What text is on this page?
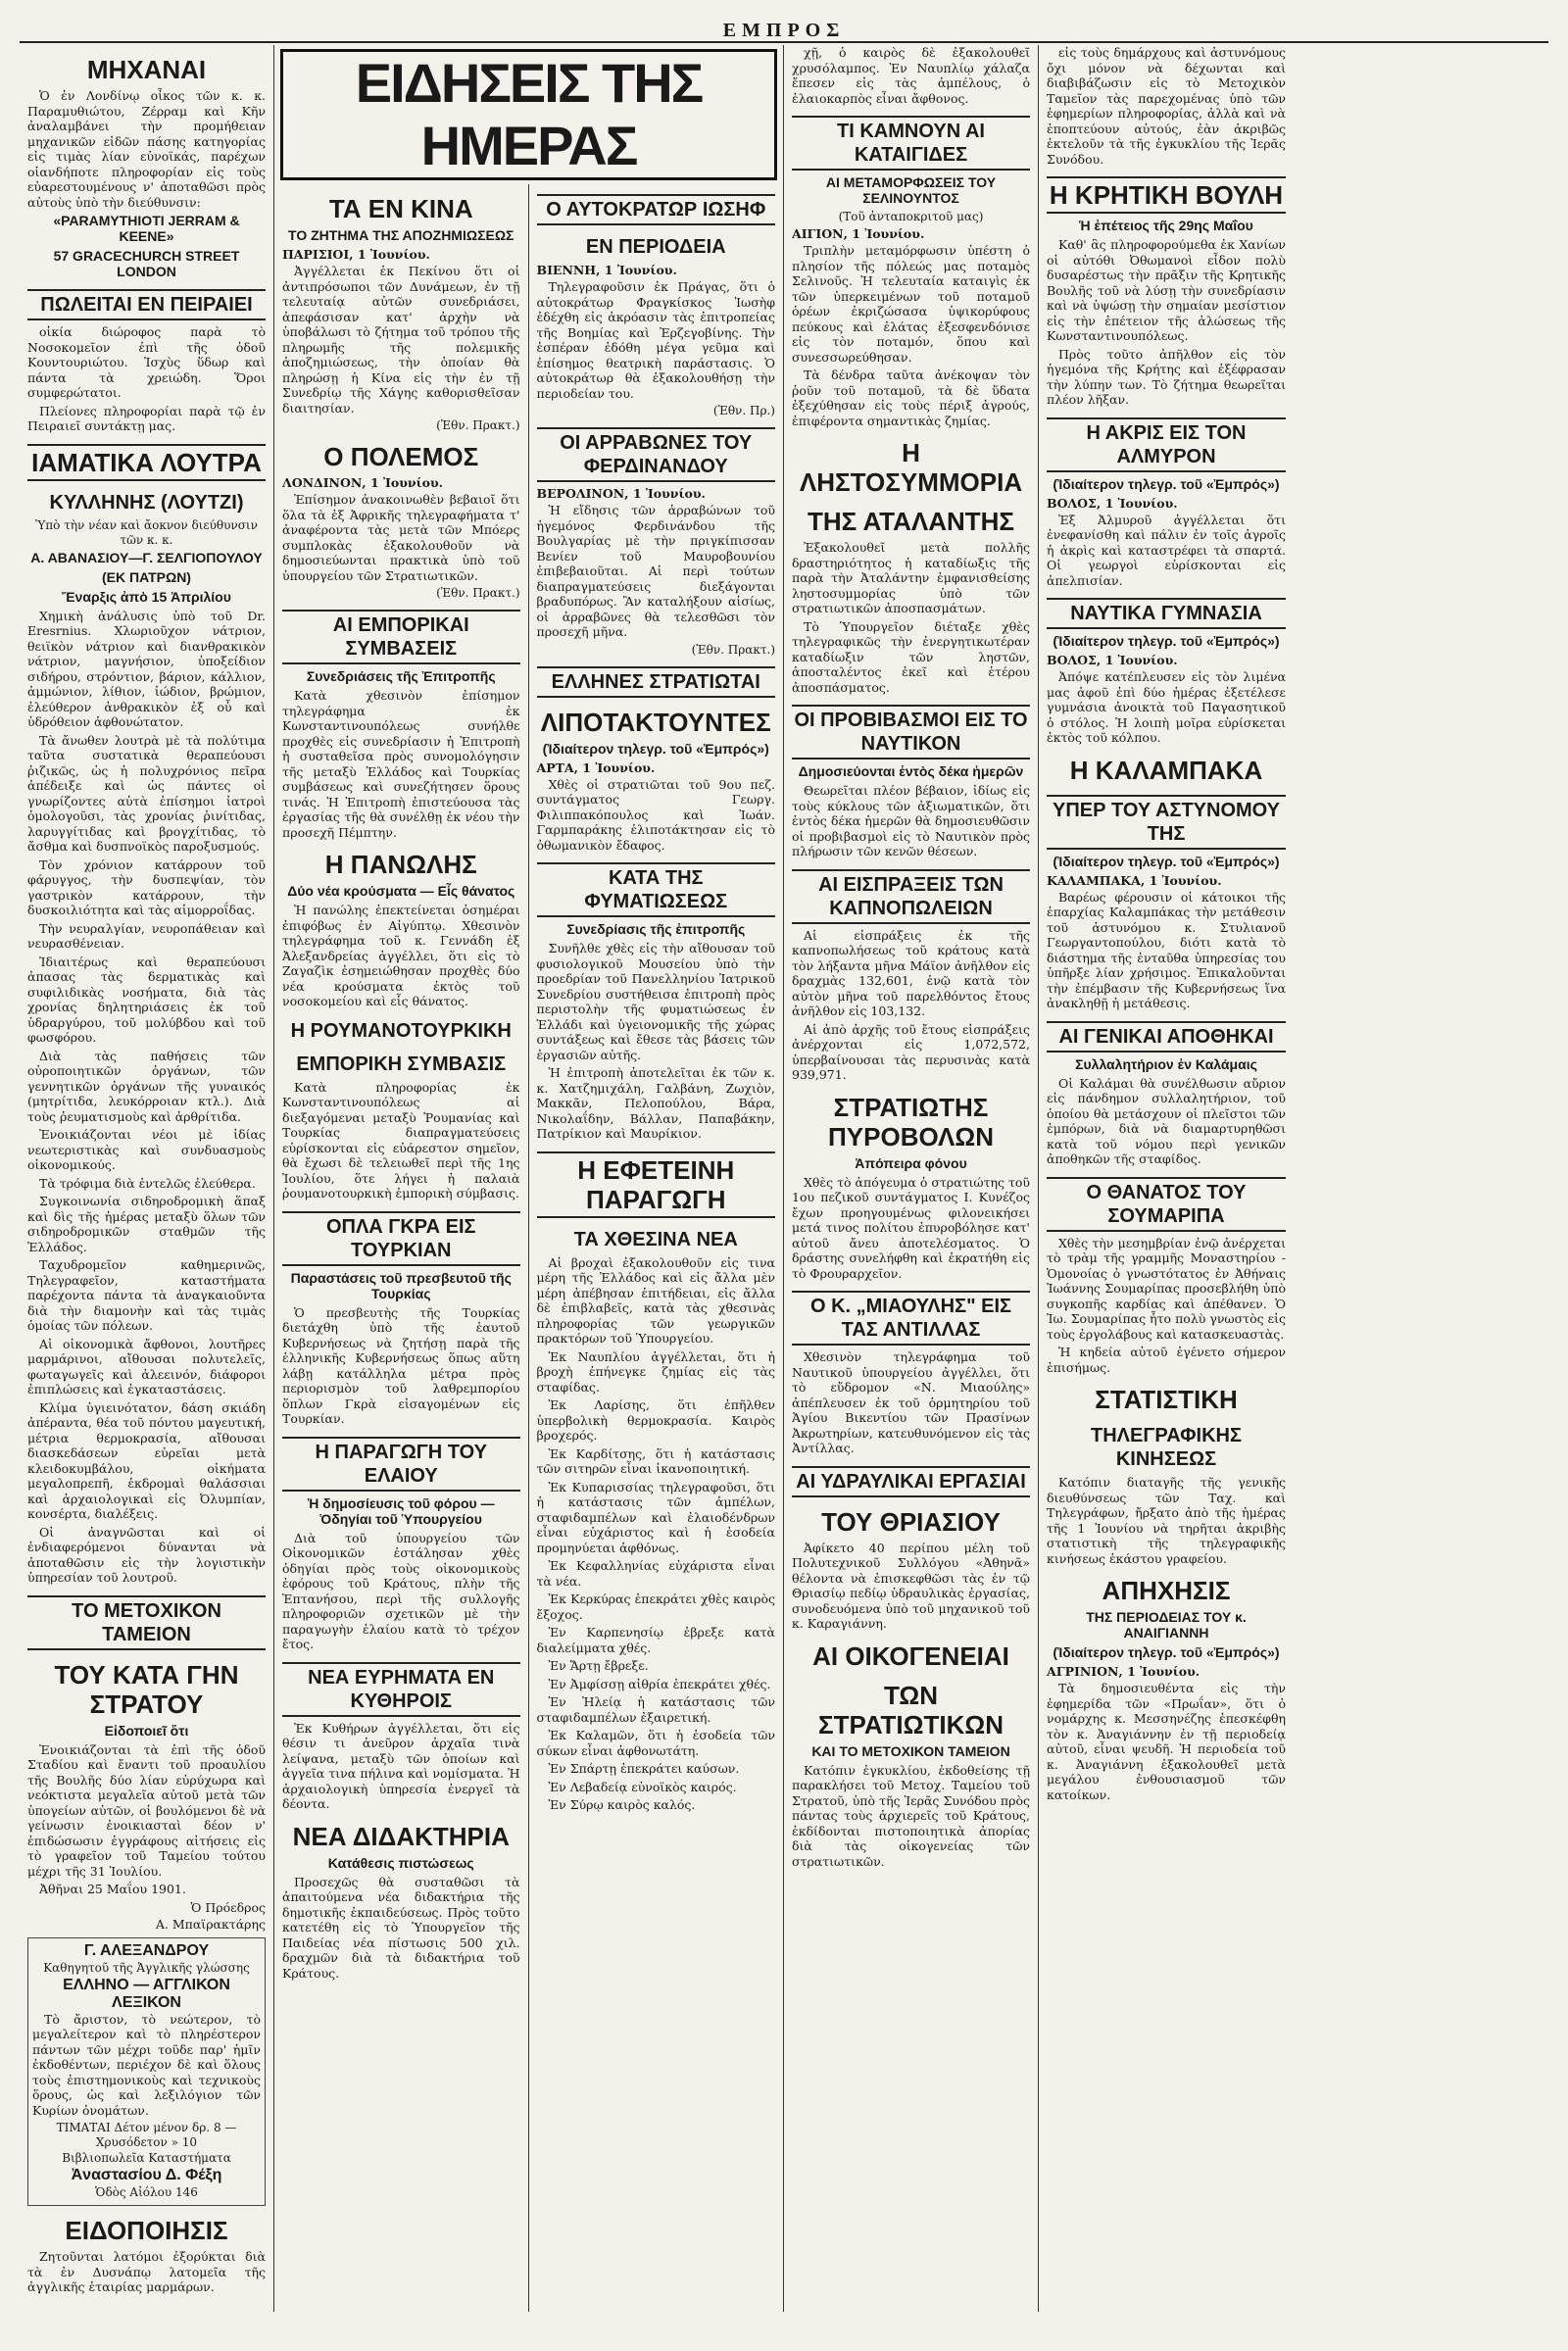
ΕΜΠΡΟΣ
ΜΗΧΑΝΑΙ

Ὁ ἐν Λονδίνῳ οἶκος τῶν κ. κ. Παραμυθιώτου, Ζέρραμ καὶ Κῆν ἀναλαμβάνει τὴν προμήθειαν μηχανικῶν εἰδῶν πάσης κατηγορίας εἰς τιμὰς λίαν εὐνοϊκάς, παρέχων οἱανδήποτε πληροφορίαν εἰς τοὺς εὐαρεστουμένους ν' ἀποταθῶσι πρὸς αὐτοὺς ὑπὸ τὴν διεύθυνσιν:

«PARAMYTHIOTI JERRAM & KEENE»
57 GRACECHURCH STREET LONDON
ΠΩΛΕΙΤΑΙ ΕΝ ΠΕΙΡΑΙΕΙ

οἰκία διώροφος παρὰ τὸ Νοσοκομεῖον ἐπὶ τῆς ὁδοῦ Κουντουριώτου. Ἰσχὺς ὕδωρ καὶ πάντα τὰ χρειώδη. Ὅροι συμφερώτατοι.

Πλείονες πληροφορίαι παρὰ τῷ ἐν Πειραιεῖ συντάκτῃ μας.

ΙΑΜΑΤΙΚΑ ΛΟΥΤΡΑ
ΚΥΛΛΗΝΗΣ (ΛΟΥΤΖΙ)
Ὑπὸ τὴν νέαν καὶ ἄοκνον διεύθυνσιν τῶν κ. κ.
Α. ΑΒΑΝΑΣΙΟΥ—Γ. ΣΕΛΓΙΟΠΟΥΛΟΥ
(ΕΚ ΠΑΤΡΩΝ)
Ἔναρξις ἀπὸ 15 Ἀπριλίου

Χημικὴ ἀνάλυσις ὑπὸ τοῦ Dr. Eresrnius. Χλωριοῦχον νάτριον, θειϊκὸν νάτριον καὶ διανθρακικὸν νάτριον, μαγνήσιον, ὑποξείδιον σιδήρου, στρόντιον, βάριον, κάλλιον, ἀμμώνιον, λίθιον, ἰώδιον, βρώμιον, ἐλεύθερον ἀνθρακικὸν ἐξ οὗ καὶ ὑδρόθειον ἀφθονώτατον.

Τὰ ἄνωθεν λουτρὰ μὲ τὰ πολύτιμα ταῦτα συστατικὰ θεραπεύουσι ῥιζικῶς, ὡς ἡ πολυχρόνιος πεῖρα ἀπέδειξε καὶ ὡς πάντες οἱ γνωρίζοντες αὐτὰ ἐπίσημοι ἰατροὶ ὁμολογοῦσι, τὰς χρονίας ῥινίτιδας, λαρυγγίτιδας καὶ βρογχίτιδας, τὸ ἄσθμα καὶ δυσπνοϊκὸς παροξυσμούς.

Τὸν χρόνιον κατάρρουν τοῦ φάρυγγος, τὴν δυσπεψίαν, τὸν γαστρικὸν κατάρρουν, τὴν δυσκοιλιότητα καὶ τὰς αἱμορροΐδας.

Τὴν νευραλγίαν, νευροπάθειαν καὶ νευρασθένειαν.

Ἰδιαιτέρως καὶ θεραπεύουσι ἀπασας τὰς δερματικὰς καὶ συφιλιδικὰς νοσήματα, διὰ τὰς χρονίας δηλητηριάσεις ἐκ τοῦ ὑδραργύρου, τοῦ μολύβδου καὶ τοῦ φωσφόρου.

Διὰ τὰς παθήσεις τῶν οὐροποιητικῶν ὀργάνων, τῶν γεννητικῶν ὀργάνων τῆς γυναικός (μητρίτιδα, λευκόρροιαν κτλ.). Διὰ τοὺς ῥευματισμοὺς καὶ ἀρθρίτιδα.

Ἐνοικιάζονται νέοι μὲ ἰδίας νεωτεριστικὰς καὶ συνδυασμοὺς οἰκονομικούς.

Τὰ τρόφιμα διὰ ἐντελῶς ἐλεύθερα.

Συγκοινωνία σιδηροδρομικὴ ἅπαξ καὶ δὶς τῆς ἡμέρας μεταξὺ ὅλων τῶν σιδηροδρομικῶν σταθμῶν τῆς Ἑλλάδος.

Ταχυδρομεῖον καθημερινῶς, Τηλεγραφεῖον, καταστήματα παρέχοντα πάντα τὰ ἀναγκαιοῦντα διὰ τὴν διαμονὴν καὶ τὰς τιμὰς ὁμοίας τῶν πόλεων.

Αἱ οἰκονομικὰ ἄφθονοι, λουτῆρες μαρμάρινοι, αἴθουσαι πολυτελεῖς, φωταγωγεῖς καὶ ἀλεεινόν, διάφοροι ἐπιπλώσεις καὶ ἐγκαταστάσεις.

Κλίμα ὑγιεινότατον, δάση σκιάδη ἀπέραντα, θέα τοῦ πόντου μαγευτική, μέτρια θερμοκρασία, αἴθουσαι διασκεδάσεων εὐρεῖαι μετὰ κλειδοκυμβάλου, οἰκήματα μεγαλοπρεπῆ, ἐκδρομαὶ θαλάσσιαι καὶ ἀρχαιολογικαὶ εἰς Ὀλυμπίαν, κονσέρτα, διαλέξεις.

Οἱ ἀναγνῶσται καὶ οἱ ἐνδιαφερόμενοι δύνανται νὰ ἀποταθῶσιν εἰς τὴν λογιστικὴν ὑπηρεσίαν τοῦ λουτροῦ.

ΤΟ ΜΕΤΟΧΙΚΟΝ ΤΑΜΕΙΟΝ
ΤΟΥ ΚΑΤΑ ΓΗΝ ΣΤΡΑΤΟΥ
Εἰδοποιεῖ ὅτι

Ἐνοικιάζονται τὰ ἐπὶ τῆς ὁδοῦ Σταδίου καὶ ἔναντι τοῦ προαυλίου τῆς Βουλῆς δύο λίαν εὐρύχωρα καὶ νεόκτιστα μεγαλεῖα αὐτοῦ μετὰ τῶν ὑπογείων αὐτῶν, οἱ βουλόμενοι δὲ νὰ γείνωσιν ἐνοικιασταὶ δέον ν' ἐπιδώσωσιν ἐγγράφους αἰτήσεις εἰς τὸ γραφεῖον τοῦ Ταμείου τούτου μέχρι τῆς 31 Ἰουλίου.

Ἀθῆναι 25 Μαΐου 1901.

Ὁ Πρόεδρος
Α. Μπαϊρακτάρης
Γ. ΑΛΕΞΑΝΔΡΟΥ
Καθηγητοῦ τῆς Ἀγγλικῆς γλώσσης
ΕΛΛΗΝΟ — ΑΓΓΛΙΚΟΝ
ΛΕΞΙΚΟΝ

Τὸ ἄριστον, τὸ νεώτερον, τὸ μεγαλείτερον καὶ τὸ πληρέστερον πάντων τῶν μέχρι τοῦδε παρ' ἡμῖν ἐκδοθέντων, περιέχον δὲ καὶ ὅλους τοὺς ἐπιστημονικοὺς καὶ τεχνικοὺς ὅρους, ὡς καὶ λεξιλόγιον τῶν Κυρίων ὀνομάτων.

ΤΙΜΑΤΑΙ Δέτον μένον δρ. 8 — Χρυσόδετον » 10
Βιβλιοπωλεῖα Καταστήματα
Ἀναστασίου Δ. Φέξη
Ὁδὸς Αἰόλου 146
ΕΙΔΟΠΟΙΗΣΙΣ

Ζητοῦνται λατόμοι ἐξορύκται διὰ τὰ ἐν Δυσνάπῳ λατομεῖα τῆς ἀγγλικῆς ἑταιρίας μαρμάρων.

ΕΙΔΗΣΕΙΣ ΤΗΣ ΗΜΕΡΑΣ
ΤΑ ΕΝ ΚΙΝΑ
ΤΟ ΖΗΤΗΜΑ ΤΗΣ ΑΠΟΖΗΜΙΩΣΕΩΣ
ΠΑΡΙΣΙΟΙ, 1 Ἰουνίου.

Ἀγγέλλεται ἐκ Πεκίνου ὅτι οἱ ἀντιπρόσωποι τῶν Δυνάμεων, ἐν τῇ τελευταίᾳ αὐτῶν συνεδριάσει, ἀπεφάσισαν κατ' ἀρχὴν νὰ ὑποβάλωσι τὸ ζήτημα τοῦ τρόπου τῆς πληρωμῆς τῆς πολεμικῆς ἀποζημιώσεως, τὴν ὁποίαν θὰ πληρώσῃ ἡ Κίνα εἰς τὴν ἐν τῇ Συνεδρίῳ τῆς Χάγης καθορισθεῖσαν διαιτησίαν.

(Ἐθν. Πρακτ.)
Ο ΠΟΛΕΜΟΣ
ΛΟΝΔΙΝΟΝ, 1 Ἰουνίου.

Ἐπίσημον ἀνακοινωθὲν βεβαιοῖ ὅτι ὅλα τὰ ἐξ Ἀφρικῆς τηλεγραφήματα τ' ἀναφέροντα τὰς μετὰ τῶν Μπόερς συμπλοκὰς ἐξακολουθοῦν νὰ δημοσιεύωνται πρακτικὰ ὑπὸ τοῦ ὑπουργείου τῶν Στρατιωτικῶν.

(Ἐθν. Πρακτ.)
ΑΙ ΕΜΠΟΡΙΚΑΙ ΣΥΜΒΑΣΕΙΣ
Συνεδριάσεις τῆς Ἐπιτροπῆς

Κατὰ χθεσινὸν ἐπίσημον τηλεγράφημα ἐκ Κωνσταντινουπόλεως συνήλθε προχθὲς εἰς συνεδρίασιν ἡ Ἐπιτροπὴ ἡ συσταθεῖσα πρὸς συνομολόγησιν τῆς μεταξὺ Ἑλλάδος καὶ Τουρκίας συμβάσεως καὶ συνεζήτησεν ὅρους τινάς. Ἡ Ἐπιτροπὴ ἐπιστεύουσα τὰς ἐργασίας τῆς θὰ συνέλθῃ ἐκ νέου τὴν προσεχῆ Πέμπτην.

Η ΠΑΝΩΛΗΣ
Δύο νέα κρούσματα — Εἷς θάνατος

Ἡ πανώλης ἐπεκτείνεται ὁσημέραι ἐπιφόβως ἐν Αἰγύπτῳ. Χθεσινὸν τηλεγράφημα τοῦ κ. Γεννάδη ἐξ Ἀλεξανδρείας ἀγγέλλει, ὅτι εἰς τὸ Ζαγαζὶκ ἐσημειώθησαν προχθὲς δύο νέα κρούσματα ἐκτὸς τοῦ νοσοκομείου καὶ εἷς θάνατος.

Η ΡΟΥΜΑΝΟΤΟΥΡΚΙΚΗ
ΕΜΠΟΡΙΚΗ ΣΥΜΒΑΣΙΣ

Κατὰ πληροφορίας ἐκ Κωνσταντινουπόλεως αἱ διεξαγόμεναι μεταξὺ Ῥουμανίας καὶ Τουρκίας διαπραγματεύσεις εὑρίσκονται εἰς εὐάρεστον σημεῖον, θὰ ἔχωσι δὲ τελειωθεῖ περὶ τῆς 1ης Ἰουλίου, ὅτε λήγει ἡ παλαιὰ ῥουμανοτουρκικὴ ἐμπορικὴ σύμβασις.

ΟΠΛΑ ΓΚΡΑ ΕΙΣ ΤΟΥΡΚΙΑΝ
Παραστάσεις τοῦ πρεσβευτοῦ τῆς Τουρκίας

Ὁ πρεσβευτὴς τῆς Τουρκίας διετάχθη ὑπὸ τῆς ἑαυτοῦ Κυβερνήσεως νὰ ζητήσῃ παρὰ τῆς ἑλληνικῆς Κυβερνήσεως ὅπως αὕτη λάβῃ κατάλληλα μέτρα πρὸς περιορισμὸν τοῦ λαθρεμπορίου ὅπλων Γκρὰ εἰσαγομένων εἰς Τουρκίαν.

Η ΠΑΡΑΓΩΓΗ ΤΟΥ ΕΛΑΙΟΥ
Ἡ δημοσίευσις τοῦ φόρου — Ὁδηγίαι τοῦ Ὑπουργείου

Διὰ τοῦ ὑπουργείου τῶν Οἰκονομικῶν ἐστάλησαν χθὲς ὁδηγίαι πρὸς τοὺς οἰκονομικοὺς ἐφόρους τοῦ Κράτους, πλὴν τῆς Ἑπτανήσου, περὶ τῆς συλλογῆς πληροφοριῶν σχετικῶν μὲ τὴν παραγωγὴν ἐλαίου κατὰ τὸ τρέχον ἔτος.

ΝΕΑ ΕΥΡΗΜΑΤΑ ΕΝ ΚΥΘΗΡΟΙΣ

Ἐκ Κυθήρων ἀγγέλλεται, ὅτι εἰς θέσιν τι ἀνεῦρον ἀρχαῖα τινὰ λείψανα, μεταξὺ τῶν ὁποίων καὶ ἀγγεῖα τινα πήλινα καὶ νομίσματα. Ἡ ἀρχαιολογικὴ ὑπηρεσία ἐνεργεῖ τὰ δέοντα.

ΝΕΑ ΔΙΔΑΚΤΗΡΙΑ
Κατάθεσις πιστώσεως

Προσεχῶς θὰ συσταθῶσι τὰ ἀπαιτούμενα νέα διδακτήρια τῆς δημοτικῆς ἐκπαιδεύσεως. Πρὸς τοῦτο κατετέθη εἰς τὸ Ὑπουργεῖον τῆς Παιδείας νέα πίστωσις 500 χιλ. δραχμῶν διὰ τὰ διδακτήρια τοῦ Κράτους.

Ο ΑΥΤΟΚΡΑΤΩΡ ΙΩΣΗΦ
ΕΝ ΠΕΡΙΟΔΕΙΑ
ΒΙΕΝΝΗ, 1 Ἰουνίου.

Τηλεγραφοῦσιν ἐκ Πράγας, ὅτι ὁ αὐτοκράτωρ Φραγκίσκος Ἰωσὴφ ἐδέχθη εἰς ἀκρόασιν τὰς ἐπιτροπείας τῆς Βοημίας καὶ Ἐρζεγοβίνης. Τὴν ἑσπέραν ἐδόθη μέγα γεῦμα καὶ ἐπίσημος θεατρικὴ παράστασις. Ὁ αὐτοκράτωρ θὰ ἐξακολουθήσῃ τὴν περιοδείαν του.

(Ἐθν. Πρ.)
ΟΙ ΑΡΡΑΒΩΝΕΣ ΤΟΥ ΦΕΡΔΙΝΑΝΔΟΥ
ΒΕΡΟΛΙΝΟΝ, 1 Ἰουνίου.

Ἡ εἴδησις τῶν ἀρραβώνων τοῦ ἡγεμόνος Φερδινάνδου τῆς Βουλγαρίας μὲ τὴν πριγκίπισσαν Βενίεν τοῦ Μαυροβουνίου ἐπιβεβαιοῦται. Αἱ περὶ τούτων διαπραγματεύσεις διεξάγονται βραδυπόρως. Ἂν καταλήξουν αἰσίως, οἱ ἀρραβῶνες θὰ τελεσθῶσι τὸν προσεχῆ μῆνα.

(Ἐθν. Πρακτ.)
ΕΛΛΗΝΕΣ ΣΤΡΑΤΙΩΤΑΙ
ΛΙΠΟΤΑΚΤΟΥΝΤΕΣ
(Ἰδιαίτερον τηλεγρ. τοῦ «Ἐμπρός»)
ΑΡΤΑ, 1 Ἰουνίου.

Χθὲς οἱ στρατιῶται τοῦ 9ου πεζ. συντάγματος Γεωργ. Φιλιππακόπουλος καὶ Ἰωάν. Γαρμπαράκης ἐλιποτάκτησαν εἰς τὸ ὀθωμανικὸν ἔδαφος.

ΚΑΤΑ ΤΗΣ ΦΥΜΑΤΙΩΣΕΩΣ
Συνεδρίασις τῆς ἐπιτροπῆς

Συνῆλθε χθὲς εἰς τὴν αἴθουσαν τοῦ φυσιολογικοῦ Μουσείου ὑπὸ τὴν προεδρίαν τοῦ Πανελληνίου Ἰατρικοῦ Συνεδρίου συστήθεισα ἐπιτροπὴ πρὸς περιστολὴν τῆς φυματιώσεως ἐν Ἑλλάδι καὶ ὑγειονομικῆς τῆς χώρας συντάξεως καὶ ἔθεσε τὰς βάσεις τῶν ἐργασιῶν αὐτῆς.

Ἡ ἐπιτροπὴ ἀποτελεῖται ἐκ τῶν κ. κ. Χατζημιχάλη, Γαλβάνη, Ζωχιὸν, Μακκᾶν, Πελοπούλου, Βάρα, Νικολαΐδην, Βάλλαν, Παπαβάκην, Πατρίκιον καὶ Μαυρίκιον.

Η ΕΦΕΤΕΙΝΗ ΠΑΡΑΓΩΓΗ
ΤΑ ΧΘΕΣΙΝΑ ΝΕΑ

Αἱ βροχαὶ ἐξακολουθοῦν εἰς τινα μέρη τῆς Ἑλλάδος καὶ εἰς ἄλλα μὲν μέρη ἀπέβησαν ἐπιτήδειαι, εἰς ἄλλα δὲ ἐπιβλαβεῖς, κατὰ τὰς χθεσινὰς πληροφορίας τῶν γεωργικῶν πρακτόρων τοῦ Ὑπουργείου.

Ἐκ Ναυπλίου ἀγγέλλεται, ὅτι ἡ βροχὴ ἐπήνεγκε ζημίας εἰς τὰς σταφίδας.

Ἐκ Λαρίσης, ὅτι ἐπῆλθεν ὑπερβολικὴ θερμοκρασία. Καιρὸς βροχερός.

Ἐκ Καρδίτσης, ὅτι ἡ κατάστασις τῶν σιτηρῶν εἶναι ἱκανοποιητική.

Ἐκ Κυπαρισσίας τηλεγραφοῦσι, ὅτι ἡ κατάστασις τῶν ἀμπέλων, σταφιδαμπέλων καὶ ἐλαιοδένδρων εἶναι εὐχάριστος καὶ ἡ ἐσοδεία προμηνύεται ἀφθόνως.

Ἐκ Κεφαλληνίας εὐχάριστα εἶναι τὰ νέα.

Ἐκ Κερκύρας ἐπεκράτει χθὲς καιρὸς ἔξοχος.

Ἐν Καρπενησίῳ ἐβρεξε κατὰ διαλείμματα χθές.

Ἐν Ἄρτῃ ἔβρεξε.

Ἐν Ἀμφίσσῃ αἰθρία ἐπεκράτει χθές.

Ἐν Ἠλείᾳ ἡ κατάστασις τῶν σταφιδαμπέλων ἐξαιρετική.

Ἐκ Καλαμῶν, ὅτι ἡ ἐσοδεία τῶν σύκων εἶναι ἀφθονωτάτη.

Ἐν Σπάρτῃ ἐπεκράτει καύσων.

Ἐν Λεβαδείᾳ εὐνοϊκὸς καιρός.

Ἐν Σύρῳ καιρὸς καλός.

χῇ, ὁ καιρὸς δὲ ἐξακολουθεῖ χρυσόλαμπος. Ἐν Ναυπλίῳ χάλαζα ἔπεσεν εἰς τὰς ἀμπέλους, ὁ ἐλαιοκαρπὸς εἶναι ἄφθονος.

ΤΙ ΚΑΜΝΟΥΝ ΑΙ ΚΑΤΑΙΓΙΔΕΣ
ΑΙ ΜΕΤΑΜΟΡΦΩΣΕΙΣ ΤΟΥ ΣΕΛΙΝΟΥΝΤΟΣ
(Τοῦ ἀνταποκριτοῦ μας)
ΑΙΓΙΟΝ, 1 Ἰουνίου.

Τριπλὴν μεταμόρφωσιν ὑπέστη ὁ πλησίον τῆς πόλεώς μας ποταμὸς Σελινοῦς. Ἡ τελευταία καταιγὶς ἐκ τῶν ὑπερκειμένων τοῦ ποταμοῦ ὀρέων ἐκριζώσασα ὑψικορύφους πεύκους καὶ ἐλάτας ἐξεσφενδόνισε εἰς τὸν ποταμόν, ὅπου καὶ συνεσσωρεύθησαν.

Τὰ δένδρα ταῦτα ἀνέκοψαν τὸν ῥοῦν τοῦ ποταμοῦ, τὰ δὲ ὕδατα ἐξεχύθησαν εἰς τοὺς πέριξ ἀγρούς, ἐπιφέροντα σημαντικὰς ζημίας.

Η ΛΗΣΤΟΣΥΜΜΟΡΙΑ
ΤΗΣ ΑΤΑΛΑΝΤΗΣ

Ἐξακολουθεῖ μετὰ πολλῆς δραστηριότητος ἡ καταδίωξις τῆς παρὰ τὴν Ἀταλάντην ἐμφανισθείσης ληστοσυμμορίας ὑπὸ τῶν στρατιωτικῶν ἀποσπασμάτων.

Τὸ Ὑπουργεῖον διέταξε χθὲς τηλεγραφικῶς τὴν ἐνεργητικωτέραν καταδίωξιν τῶν ληστῶν, ἀποσταλέντος ἐκεῖ καὶ ἑτέρου ἀποσπάσματος.

ΟΙ ΠΡΟΒΙΒΑΣΜΟΙ ΕΙΣ ΤΟ ΝΑΥΤΙΚΟΝ
Δημοσιεύονται ἐντὸς δέκα ἡμερῶν

Θεωρεῖται πλέον βέβαιον, ἰδίως εἰς τοὺς κύκλους τῶν ἀξιωματικῶν, ὅτι ἐντὸς δέκα ἡμερῶν θὰ δημοσιευθῶσιν οἱ προβιβασμοὶ εἰς τὸ Ναυτικὸν πρὸς πλήρωσιν τῶν κενῶν θέσεων.

ΑΙ ΕΙΣΠΡΑΞΕΙΣ ΤΩΝ ΚΑΠΝΟΠΩΛΕΙΩΝ

Αἱ εἰσπράξεις ἐκ τῆς καπνοπωλήσεως τοῦ κράτους κατὰ τὸν λήξαντα μῆνα Μάϊον ἀνῆλθον εἰς δραχμὰς 132,601, ἐνῷ κατὰ τὸν αὐτὸν μῆνα τοῦ παρελθόντος ἔτους ἀνῆλθον εἰς 103,132.

Αἱ ἀπὸ ἀρχῆς τοῦ ἔτους εἰσπράξεις ἀνέρχονται εἰς 1,072,572, ὑπερβαίνουσαι τὰς περυσινὰς κατὰ 939,971.

ΣΤΡΑΤΙΩΤΗΣ ΠΥΡΟΒΟΛΩΝ
Ἀπόπειρα φόνου

Χθὲς τὸ ἀπόγευμα ὁ στρατιώτης τοῦ 1ου πεζικοῦ συντάγματος Ι. Κυνέζος ἔχων προηγουμένως φιλονεικήσει μετά τινος πολίτου ἐπυροβόλησε κατ' αὐτοῦ ἄνευ ἀποτελέσματος. Ὁ δράστης συνελήφθη καὶ ἐκρατήθη εἰς τὸ Φρουραρχεῖον.

Ο Κ. „ΜΙΑΟΥΛΗΣ" ΕΙΣ ΤΑΣ ΑΝΤΙΛΛΑΣ

Χθεσινὸν τηλεγράφημα τοῦ Ναυτικοῦ ὑπουργείου ἀγγέλλει, ὅτι τὸ εὔδρομον «Ν. Μιαούλης» ἀπέπλευσεν ἐκ τοῦ ὁρμητηρίου τοῦ Ἁγίου Βικεντίου τῶν Πρασίνων Ἀκρωτηρίων, κατευθυνόμενον εἰς τὰς Ἀντίλλας.

ΑΙ ΥΔΡΑΥΛΙΚΑΙ ΕΡΓΑΣΙΑΙ
ΤΟΥ ΘΡΙΑΣΙΟΥ

Ἀφίκετο 40 περίπου μέλη τοῦ Πολυτεχνικοῦ Συλλόγου «Ἀθηνᾶ» θέλοντα νὰ ἐπισκεφθῶσι τὰς ἐν τῷ Θριασίῳ πεδίῳ ὑδραυλικὰς ἐργασίας, συνοδευόμενα ὑπὸ τοῦ μηχανικοῦ τοῦ κ. Καραγιάννη.

ΑΙ ΟΙΚΟΓΕΝΕΙΑΙ
ΤΩΝ ΣΤΡΑΤΙΩΤΙΚΩΝ
ΚΑΙ ΤΟ ΜΕΤΟΧΙΚΟΝ ΤΑΜΕΙΟΝ

Κατόπιν ἐγκυκλίου, ἐκδοθείσης τῇ παρακλήσει τοῦ Μετοχ. Ταμείου τοῦ Στρατοῦ, ὑπὸ τῆς Ἱερᾶς Συνόδου πρὸς πάντας τοὺς ἀρχιερεῖς τοῦ Κράτους, ἐκδίδονται πιστοποιητικὰ ἀπορίας διὰ τὰς οἰκογενείας τῶν στρατιωτικῶν.

εἰς τοὺς δημάρχους καὶ ἀστυνόμους ὄχι μόνον νὰ δέχωνται καὶ διαβιβάζωσιν εἰς τὸ Μετοχικὸν Ταμεῖον τὰς παρεχομένας ὑπὸ τῶν ἐφημερίων πληροφορίας, ἀλλὰ καὶ νὰ ἐποπτεύουν αὐτούς, ἐὰν ἀκριβῶς ἐκτελοῦν τὰ τῆς ἐγκυκλίου τῆς Ἱερᾶς Συνόδου.

Η ΚΡΗΤΙΚΗ ΒΟΥΛΗ
Ἡ ἐπέτειος τῆς 29ης Μαΐου

Καθ' ἃς πληροφορούμεθα ἐκ Χανίων οἱ αὐτόθι Ὀθωμανοὶ εἶδον πολὺ δυσαρέστως τὴν πρᾶξιν τῆς Κρητικῆς Βουλῆς τοῦ νὰ λύσῃ τὴν συνεδρίασιν καὶ νὰ ὑψώσῃ τὴν σημαίαν μεσίστιον εἰς τὴν ἐπέτειον τῆς ἁλώσεως τῆς Κωνσταντινουπόλεως.

Πρὸς τοῦτο ἀπῆλθον εἰς τὸν ἡγεμόνα τῆς Κρήτης καὶ ἐξέφρασαν τὴν λύπην των. Τὸ ζήτημα θεωρεῖται πλέον λῆξαν.

Η ΑΚΡΙΣ ΕΙΣ ΤΟΝ ΑΛΜΥΡΟΝ
(Ἰδιαίτερον τηλεγρ. τοῦ «Ἐμπρός»)
ΒΟΛΟΣ, 1 Ἰουνίου.

Ἐξ Ἀλμυροῦ ἀγγέλλεται ὅτι ἐνεφανίσθη καὶ πάλιν ἐν τοῖς ἀγροῖς ἡ ἀκρὶς καὶ καταστρέφει τὰ σπαρτά. Οἱ γεωργοὶ εὑρίσκονται εἰς ἀπελπισίαν.

ΝΑΥΤΙΚΑ ΓΥΜΝΑΣΙΑ
(Ἰδιαίτερον τηλεγρ. τοῦ «Ἐμπρός»)
ΒΟΛΟΣ, 1 Ἰουνίου.

Ἀπόψε κατέπλευσεν εἰς τὸν λιμένα μας ἀφοῦ ἐπὶ δύο ἡμέρας ἐξετέλεσε γυμνάσια ἀνοικτὰ τοῦ Παγασητικοῦ ὁ στόλος. Ἡ λοιπὴ μοῖρα εὑρίσκεται ἐκτὸς τοῦ κόλπου.

Η ΚΑΛΑΜΠΑΚΑ
ΥΠΕΡ ΤΟΥ ΑΣΤΥΝΟΜΟΥ ΤΗΣ
(Ἰδιαίτερον τηλεγρ. τοῦ «Ἐμπρός»)
ΚΑΛΑΜΠΑΚΑ, 1 Ἰουνίου.

Βαρέως φέρουσιν οἱ κάτοικοι τῆς ἐπαρχίας Καλαμπάκας τὴν μετάθεσιν τοῦ ἀστυνόμου κ. Στυλιανοῦ Γεωργαντοπούλου, διότι κατὰ τὸ διάστημα τῆς ἐνταῦθα ὑπηρεσίας του ὑπῆρξε λίαν χρήσιμος. Ἐπικαλοῦνται τὴν ἐπέμβασιν τῆς Κυβερνήσεως ἵνα ἀνακληθῇ ἡ μετάθεσις.

ΑΙ ΓΕΝΙΚΑΙ ΑΠΟΘΗΚΑΙ
Συλλαλητήριον ἐν Καλάμαις

Οἱ Καλάμαι θὰ συνέλθωσιν αὔριον εἰς πάνδημον συλλαλητήριον, τοῦ ὁποίου θὰ μετάσχουν οἱ πλεῖστοι τῶν ἐμπόρων, διὰ νὰ διαμαρτυρηθῶσι κατὰ τοῦ νόμου περὶ γενικῶν ἀποθηκῶν τῆς σταφίδος.

Ο ΘΑΝΑΤΟΣ ΤΟΥ ΣΟΥΜΑΡΙΠΑ

Χθὲς τὴν μεσημβρίαν ἐνῷ ἀνέρχεται τὸ τρὰμ τῆς γραμμῆς Μοναστηρίου - Ὁμονοίας ὁ γνωστότατος ἐν Ἀθήναις Ἰωάννης Σουμαρίπας προσεβλήθη ὑπὸ συγκοπῆς καρδίας καὶ ἀπέθανεν. Ὁ Ἰω. Σουμαρίπας ἦτο πολὺ γνωστὸς εἰς τοὺς ἐργολάβους καὶ κατασκευαστὰς.

Ἡ κηδεία αὐτοῦ ἐγένετο σήμερον ἐπισήμως.

ΣΤΑΤΙΣΤΙΚΗ
ΤΗΛΕΓΡΑΦΙΚΗΣ ΚΙΝΗΣΕΩΣ

Κατόπιν διαταγῆς τῆς γενικῆς διευθύνσεως τῶν Ταχ. καὶ Τηλεγράφων, ἤρξατο ἀπὸ τῆς ἡμέρας τῆς 1 Ἰουνίου νὰ τηρῆται ἀκριβὴς στατιστικὴ τῆς τηλεγραφικῆς κινήσεως ἑκάστου γραφείου.

ΑΠΗΧΗΣΙΣ
ΤΗΣ ΠΕΡΙΟΔΕΙΑΣ ΤΟΥ κ. ΑΝΑΙΓΙΑΝΝΗ
(Ἰδιαίτερον τηλεγρ. τοῦ «Ἐμπρός»)
ΑΓΡΙΝΙΟΝ, 1 Ἰουνίου.

Τὰ δημοσιευθέντα εἰς τὴν ἐφημερίδα τῶν «Πρωΐαν», ὅτι ὁ νομάρχης κ. Μεσσηνέζης ἐπεσκέφθη τὸν κ. Ἀναγιάννην ἐν τῇ περιοδείᾳ αὐτοῦ, εἶναι ψευδῆ. Ἡ περιοδεία τοῦ κ. Ἀναγιάννη ἐξακολουθεῖ μετὰ μεγάλου ἐνθουσιασμοῦ τῶν κατοίκων.
